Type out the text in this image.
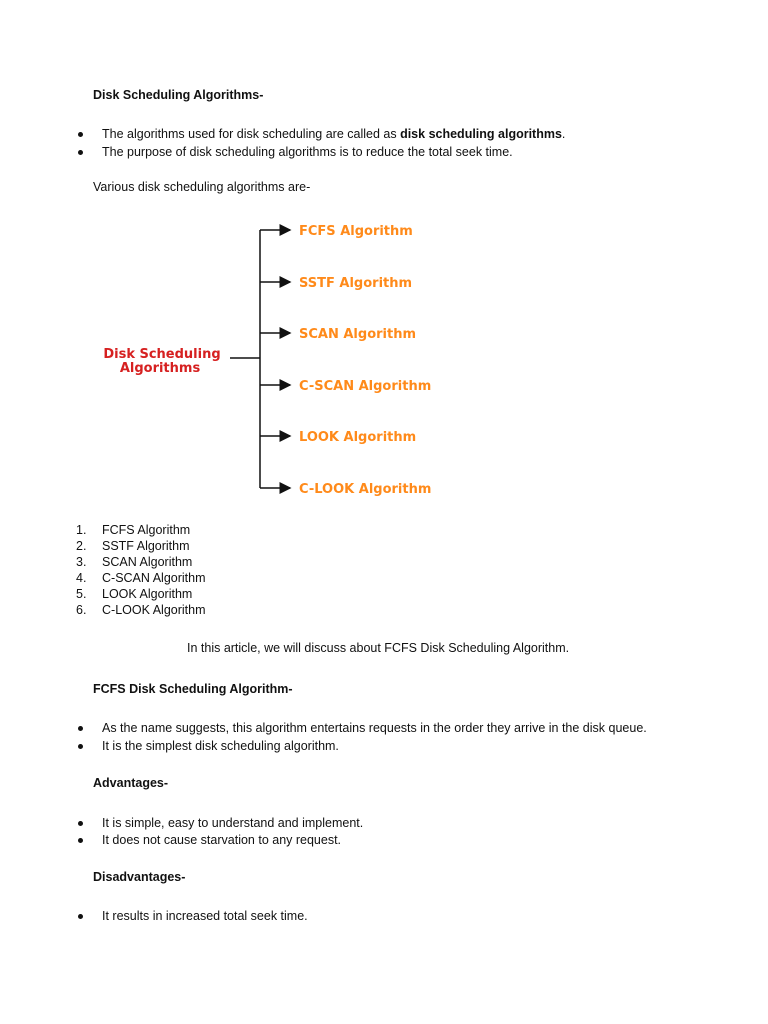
Disk Scheduling Algorithms-
The algorithms used for disk scheduling are called as disk scheduling algorithms.
The purpose of disk scheduling algorithms is to reduce the total seek time.
Various disk scheduling algorithms are-
Disk Scheduling
Algorithms
FCFS Algorithm
SSTF Algorithm
SCAN Algorithm
C-SCAN Algorithm
LOOK Algorithm
C-LOOK Algorithm
1. FCFS Algorithm
2. SSTF Algorithm
3. SCAN Algorithm
4. C-SCAN Algorithm
5. LOOK Algorithm
6. C-LOOK Algorithm
In this article, we will discuss about FCFS Disk Scheduling Algorithm.
FCFS Disk Scheduling Algorithm-
As the name suggests, this algorithm entertains requests in the order they arrive in the disk queue.
It is the simplest disk scheduling algorithm.
Advantages-
It is simple, easy to understand and implement.
It does not cause starvation to any request.
Disadvantages-
It results in increased total seek time.
